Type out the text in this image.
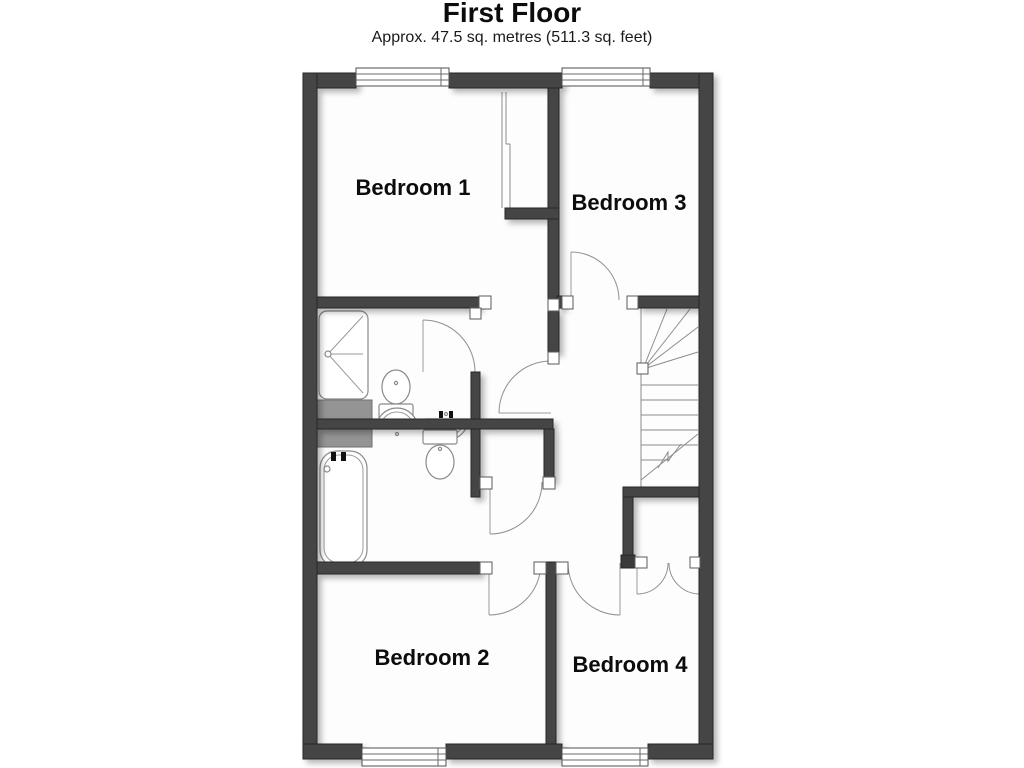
First Floor
Approx. 47.5 sq. metres (511.3 sq. feet)
Bedroom 1
Bedroom 3
Bedroom 2	Bedroom 4
